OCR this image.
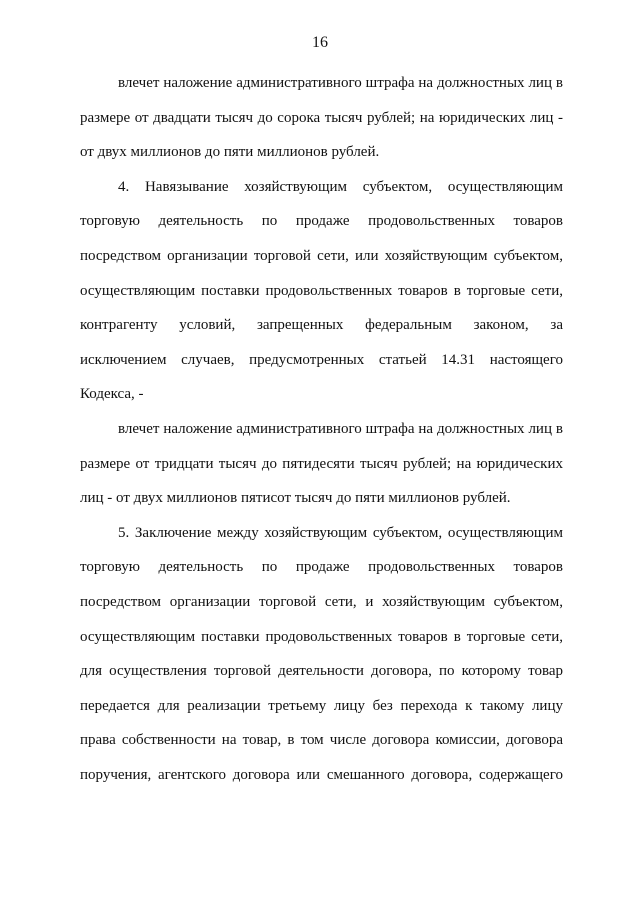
16
влечет наложение административного штрафа на должностных лиц в
размере от двадцати тысяч до сорока тысяч рублей; на юридических лиц -
от двух миллионов до пяти миллионов рублей.
4. Навязывание хозяйствующим субъектом, осуществляющим
торговую деятельность по продаже продовольственных товаров
посредством организации торговой сети, или хозяйствующим субъектом,
осуществляющим поставки продовольственных товаров в торговые сети,
контрагенту условий, запрещенных федеральным законом, за
исключением случаев, предусмотренных статьей 14.31 настоящего
Кодекса, -
влечет наложение административного штрафа на должностных лиц в
размере от тридцати тысяч до пятидесяти тысяч рублей; на юридических
лиц - от двух миллионов пятисот тысяч до пяти миллионов рублей.
5. Заключение между хозяйствующим субъектом, осуществляющим
торговую деятельность по продаже продовольственных товаров
посредством организации торговой сети, и хозяйствующим субъектом,
осуществляющим поставки продовольственных товаров в торговые сети,
для осуществления торговой деятельности договора, по которому товар
передается для реализации третьему лицу без перехода к такому лицу
права собственности на товар, в том числе договора комиссии, договора
поручения, агентского договора или смешанного договора, содержащего
